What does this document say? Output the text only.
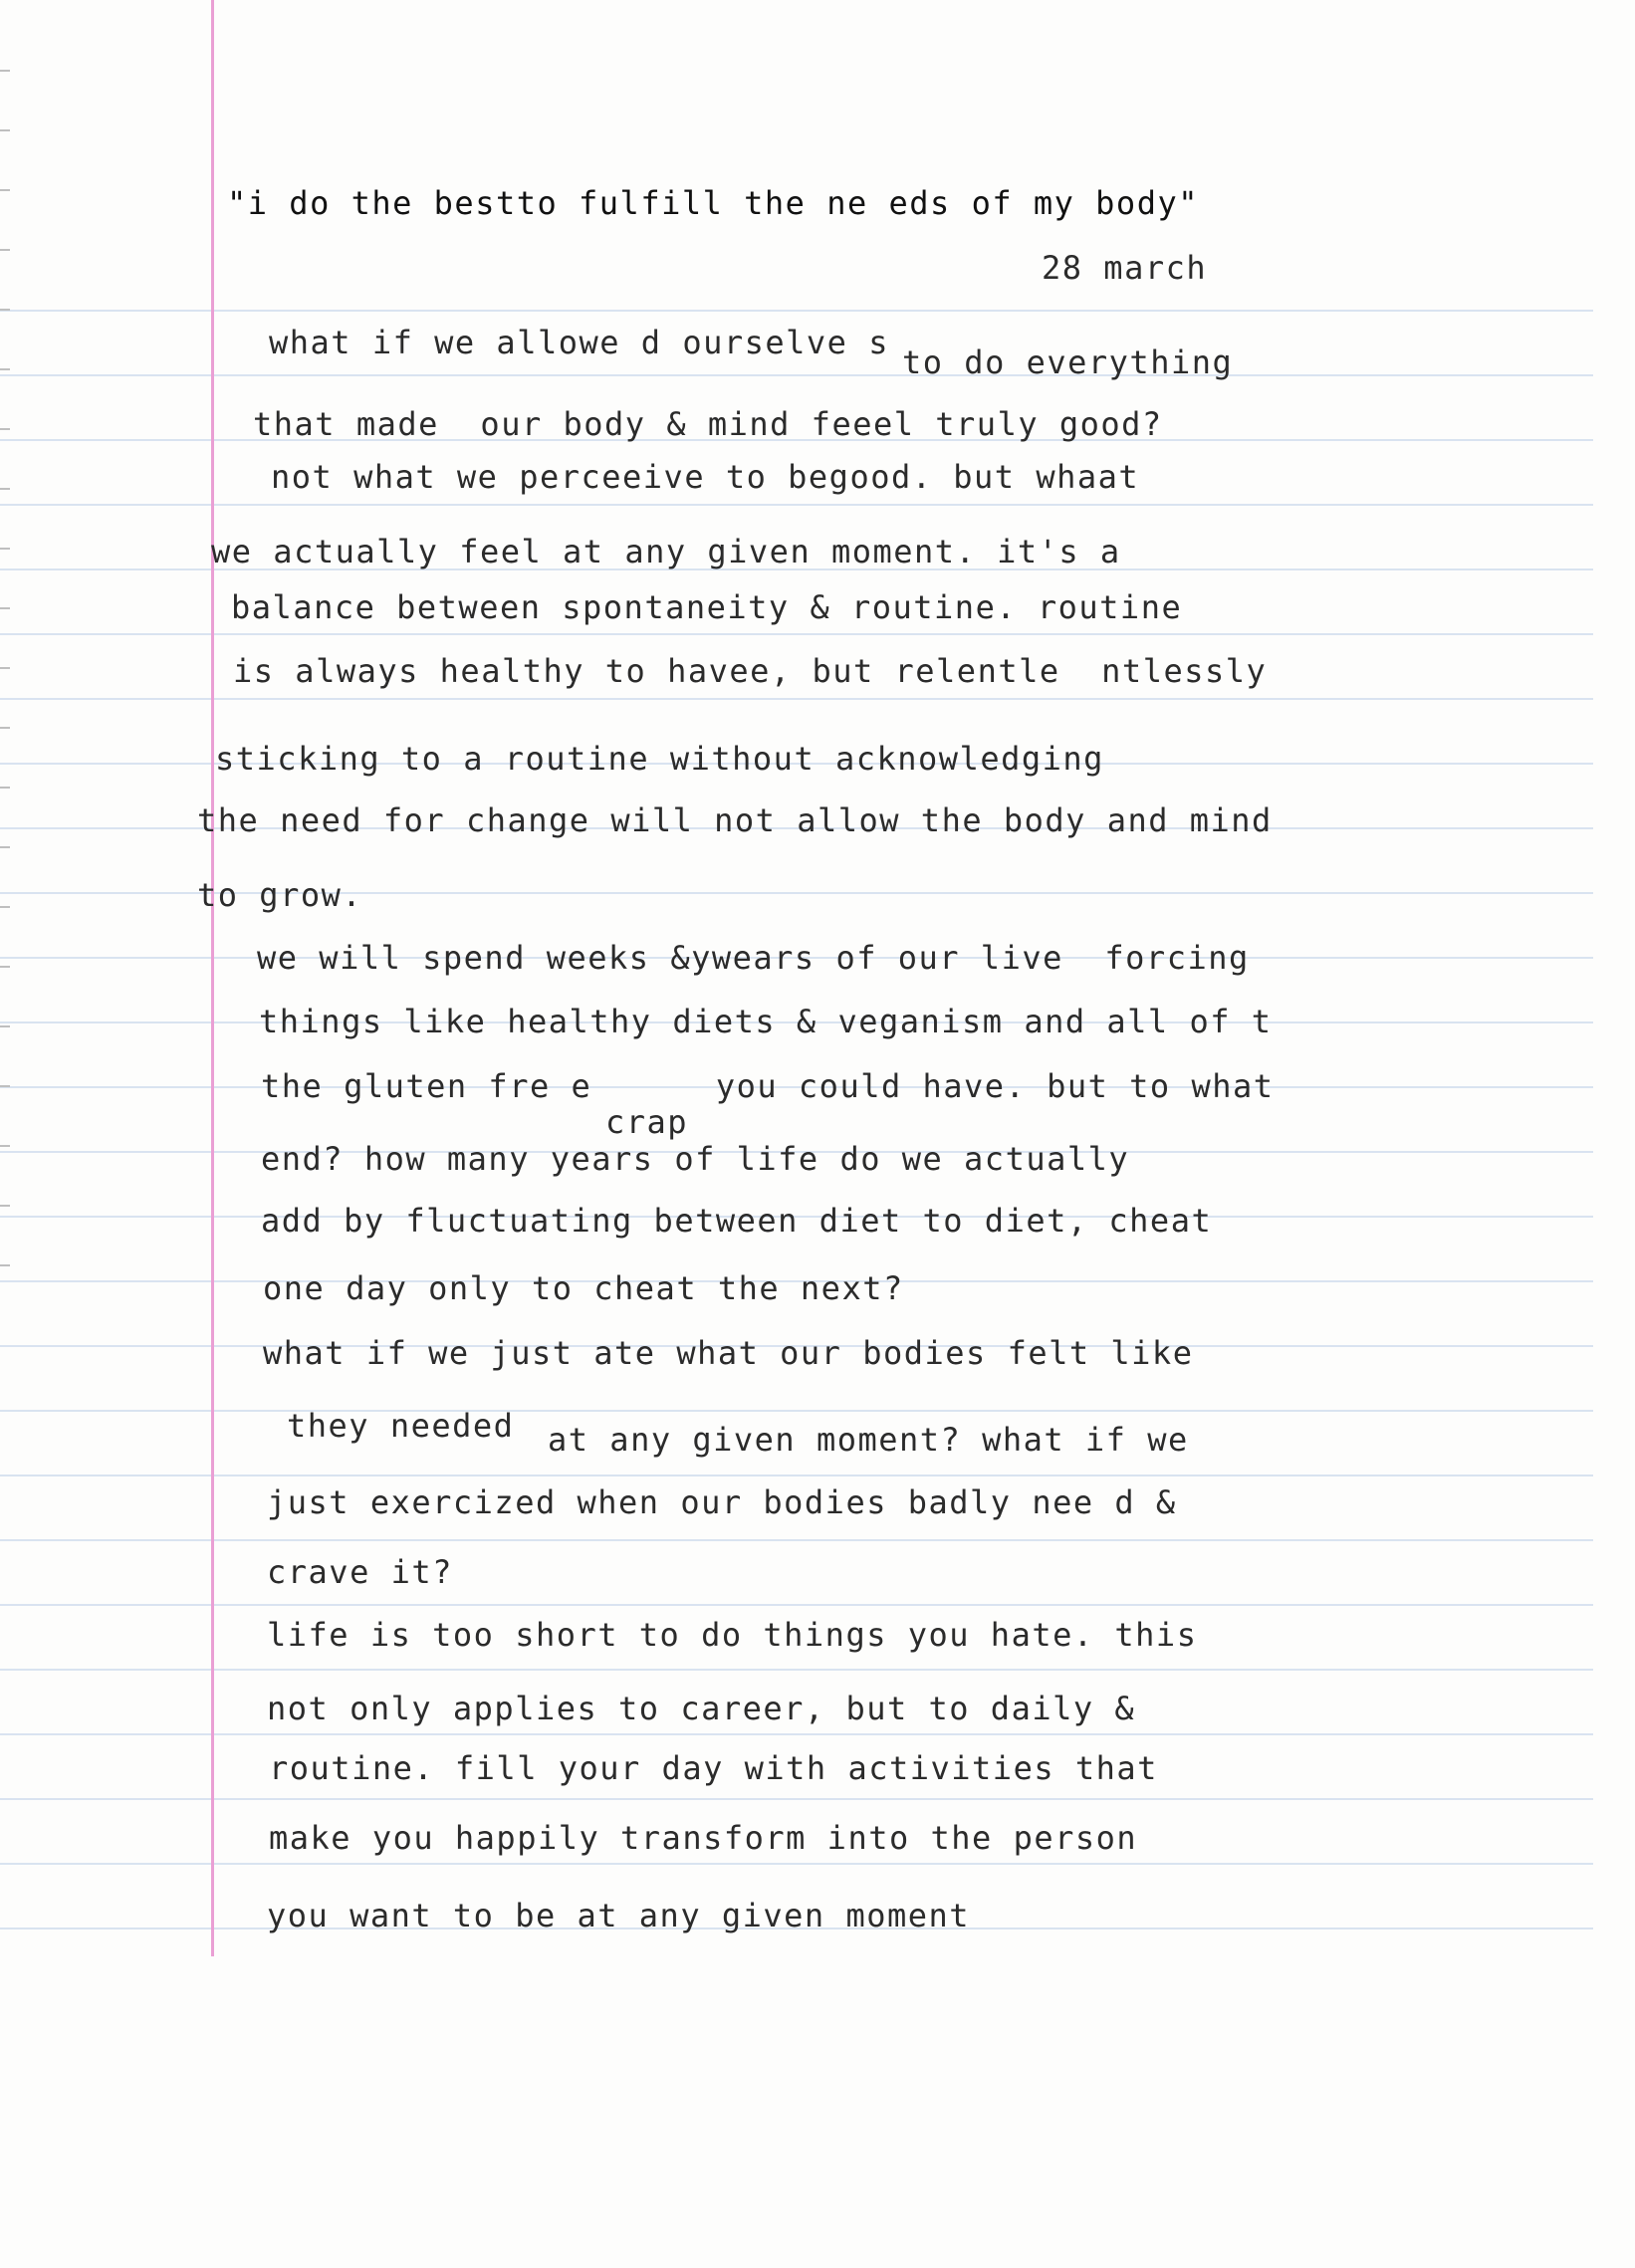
"i do the bestto fulfill the ne eds of my body"
28 march
what if we allowe d ourselve s
to do everything
that made  our body & mind feeel truly good?
not what we perceeive to begood. but whaat
we actually feel at any given moment. it's a
balance between spontaneity & routine. routine
is always healthy to havee, but relentle  ntlessly
sticking to a routine without acknowledging
the need for change will not allow the body and mind
to grow.
we will spend weeks &ywears of our live  forcing
things like healthy diets & veganism and all of t
the gluten fre e      you could have. but to what
crap
end? how many years of life do we actually
add by fluctuating between diet to diet, cheat
one day only to cheat the next?
what if we just ate what our bodies felt like
they needed at any given moment? what if we
just exercized when our bodies badly nee d &
crave it?
life is too short to do things you hate. this
not only applies to career, but to daily &
routine. fill your day with activities that
make you happily transform into the person
you want to be at any given moment
